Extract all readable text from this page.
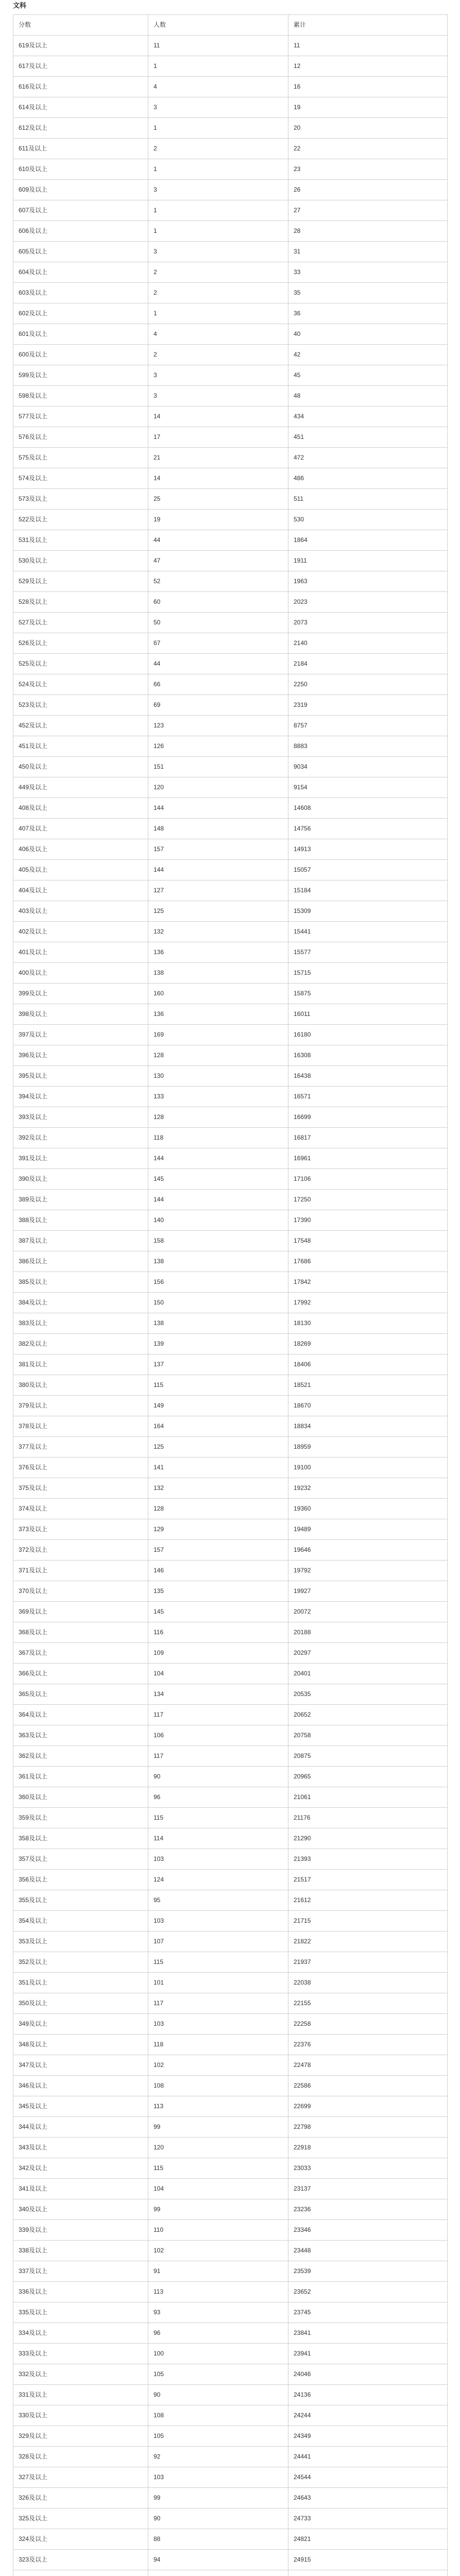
文科
分数	人数	累计
619及以上	11	11
617及以上	1	12
616及以上	4	16
614及以上	3	19
612及以上	1	20
611及以上	2	22
610及以上	1	23
609及以上	3	26
607及以上	1	27
606及以上	1	28
605及以上	3	31
604及以上	2	33
603及以上	2	35
602及以上	1	36
601及以上	4	40
600及以上	2	42
599及以上	3	45
598及以上	3	48
577及以上	14	434
576及以上	17	451
575及以上	21	472
574及以上	14	486
573及以上	25	511
522及以上	19	530
531及以上	44	1864
530及以上	47	1911
529及以上	52	1963
528及以上	60	2023
527及以上	50	2073
526及以上	67	2140
525及以上	44	2184
524及以上	66	2250
523及以上	69	2319
452及以上	123	8757
451及以上	126	8883
450及以上	151	9034
449及以上	120	9154
408及以上	144	14608
407及以上	148	14756
406及以上	157	14913
405及以上	144	15057
404及以上	127	15184
403及以上	125	15309
402及以上	132	15441
401及以上	136	15577
400及以上	138	15715
399及以上	160	15875
398及以上	136	16011
397及以上	169	16180
396及以上	128	16308
395及以上	130	16438
394及以上	133	16571
393及以上	128	16699
392及以上	118	16817
391及以上	144	16961
390及以上	145	17106
389及以上	144	17250
388及以上	140	17390
387及以上	158	17548
386及以上	138	17686
385及以上	156	17842
384及以上	150	17992
383及以上	138	18130
382及以上	139	18269
381及以上	137	18406
380及以上	115	18521
379及以上	149	18670
378及以上	164	18834
377及以上	125	18959
376及以上	141	19100
375及以上	132	19232
374及以上	128	19360
373及以上	129	19489
372及以上	157	19646
371及以上	146	19792
370及以上	135	19927
369及以上	145	20072
368及以上	116	20188
367及以上	109	20297
366及以上	104	20401
365及以上	134	20535
364及以上	117	20652
363及以上	106	20758
362及以上	117	20875
361及以上	90	20965
360及以上	96	21061
359及以上	115	21176
358及以上	114	21290
357及以上	103	21393
356及以上	124	21517
355及以上	95	21612
354及以上	103	21715
353及以上	107	21822
352及以上	115	21937
351及以上	101	22038
350及以上	117	22155
349及以上	103	22258
348及以上	118	22376
347及以上	102	22478
346及以上	108	22586
345及以上	113	22699
344及以上	99	22798
343及以上	120	22918
342及以上	115	23033
341及以上	104	23137
340及以上	99	23236
339及以上	110	23346
338及以上	102	23448
337及以上	91	23539
336及以上	113	23652
335及以上	93	23745
334及以上	96	23841
333及以上	100	23941
332及以上	105	24046
331及以上	90	24136
330及以上	108	24244
329及以上	105	24349
328及以上	92	24441
327及以上	103	24544
326及以上	99	24643
325及以上	90	24733
324及以上	88	24821
323及以上	94	24915
